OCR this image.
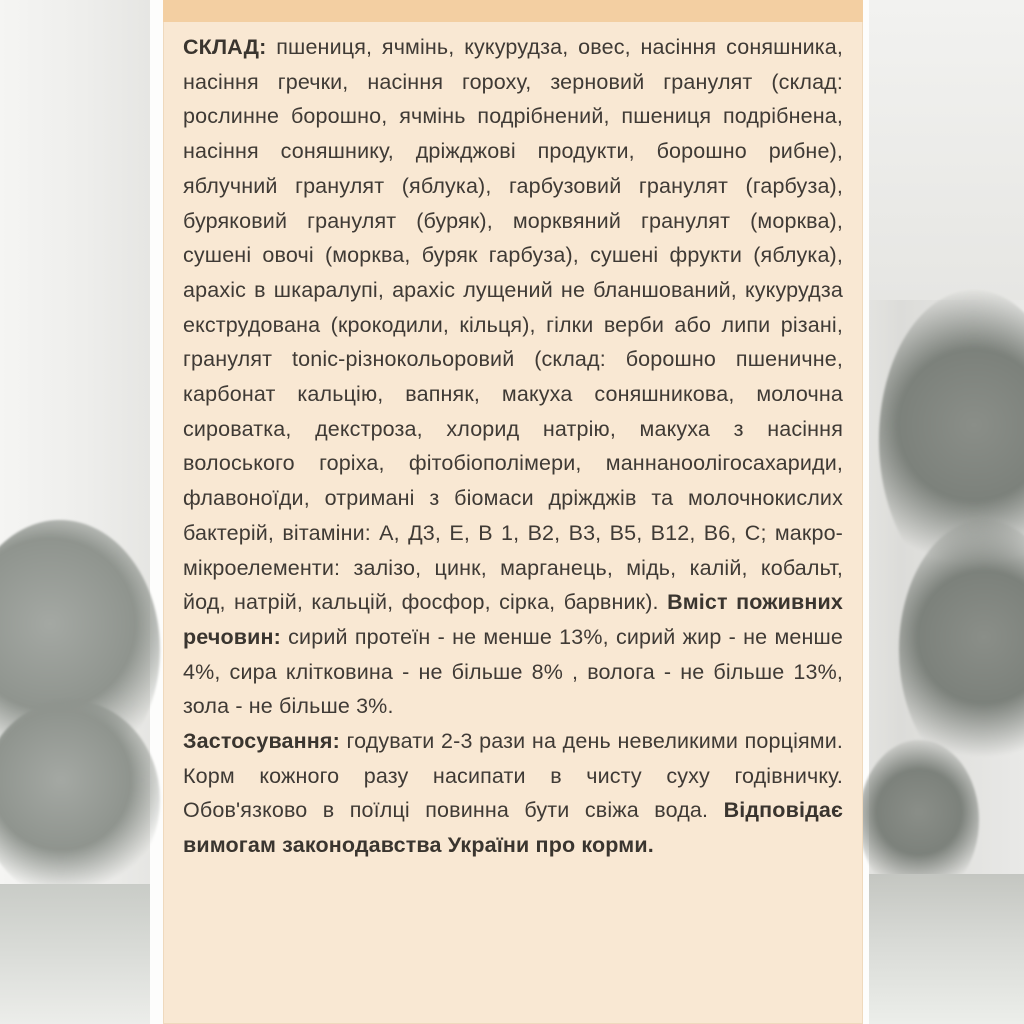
СКЛАД: пшениця, ячмінь, кукурудза, овес, насіння соняшника, насіння гречки, насіння гороху, зерновий гранулят (склад: рослинне борошно, ячмінь подрібнений, пшениця подрібнена, насіння соняшнику, дріжджові продукти, борошно рибне), яблучний гранулят (яблука), гарбузовий гранулят (гарбуза), буряковий гранулят (буряк), морквяний гранулят (морква), сушені овочі (морква, буряк гарбуза), сушені фрукти (яблука), арахіс в шкаралупі, арахіс лущений не бланшований, кукурудза екструдована (крокодили, кільця), гілки верби або липи різані, гранулят tonic-різнокольоровий (склад: борошно пшеничне, карбонат кальцію, вапняк, макуха соняшникова, молочна сироватка, декстроза, хлорид натрію, макуха з насіння волоського горіха, фітобіополімери, маннаноолігосахариди, флавоноїди, отримані з біомаси дріжджів та молочнокислих бактерій, вітаміни: А, Д3, Е, В 1, В2, В3, В5, В12, В6, С; макро- мікроелементи: залізо, цинк, марганець, мідь, калій, кобальт, йод, натрій, кальцій, фосфор, сірка, барвник). Вміст поживних речовин: сирий протеїн - не менше 13%, сирий жир - не менше 4%, сира клітковина - не більше 8% , волога - не більше 13%, зола - не більше 3%.

Застосування: годувати 2-3 рази на день невеликими порціями. Корм кожного разу насипати в чисту суху годівничку. Обов'язково в поїлці повинна бути свіжа вода. Відповідає вимогам законодавства України про корми.
